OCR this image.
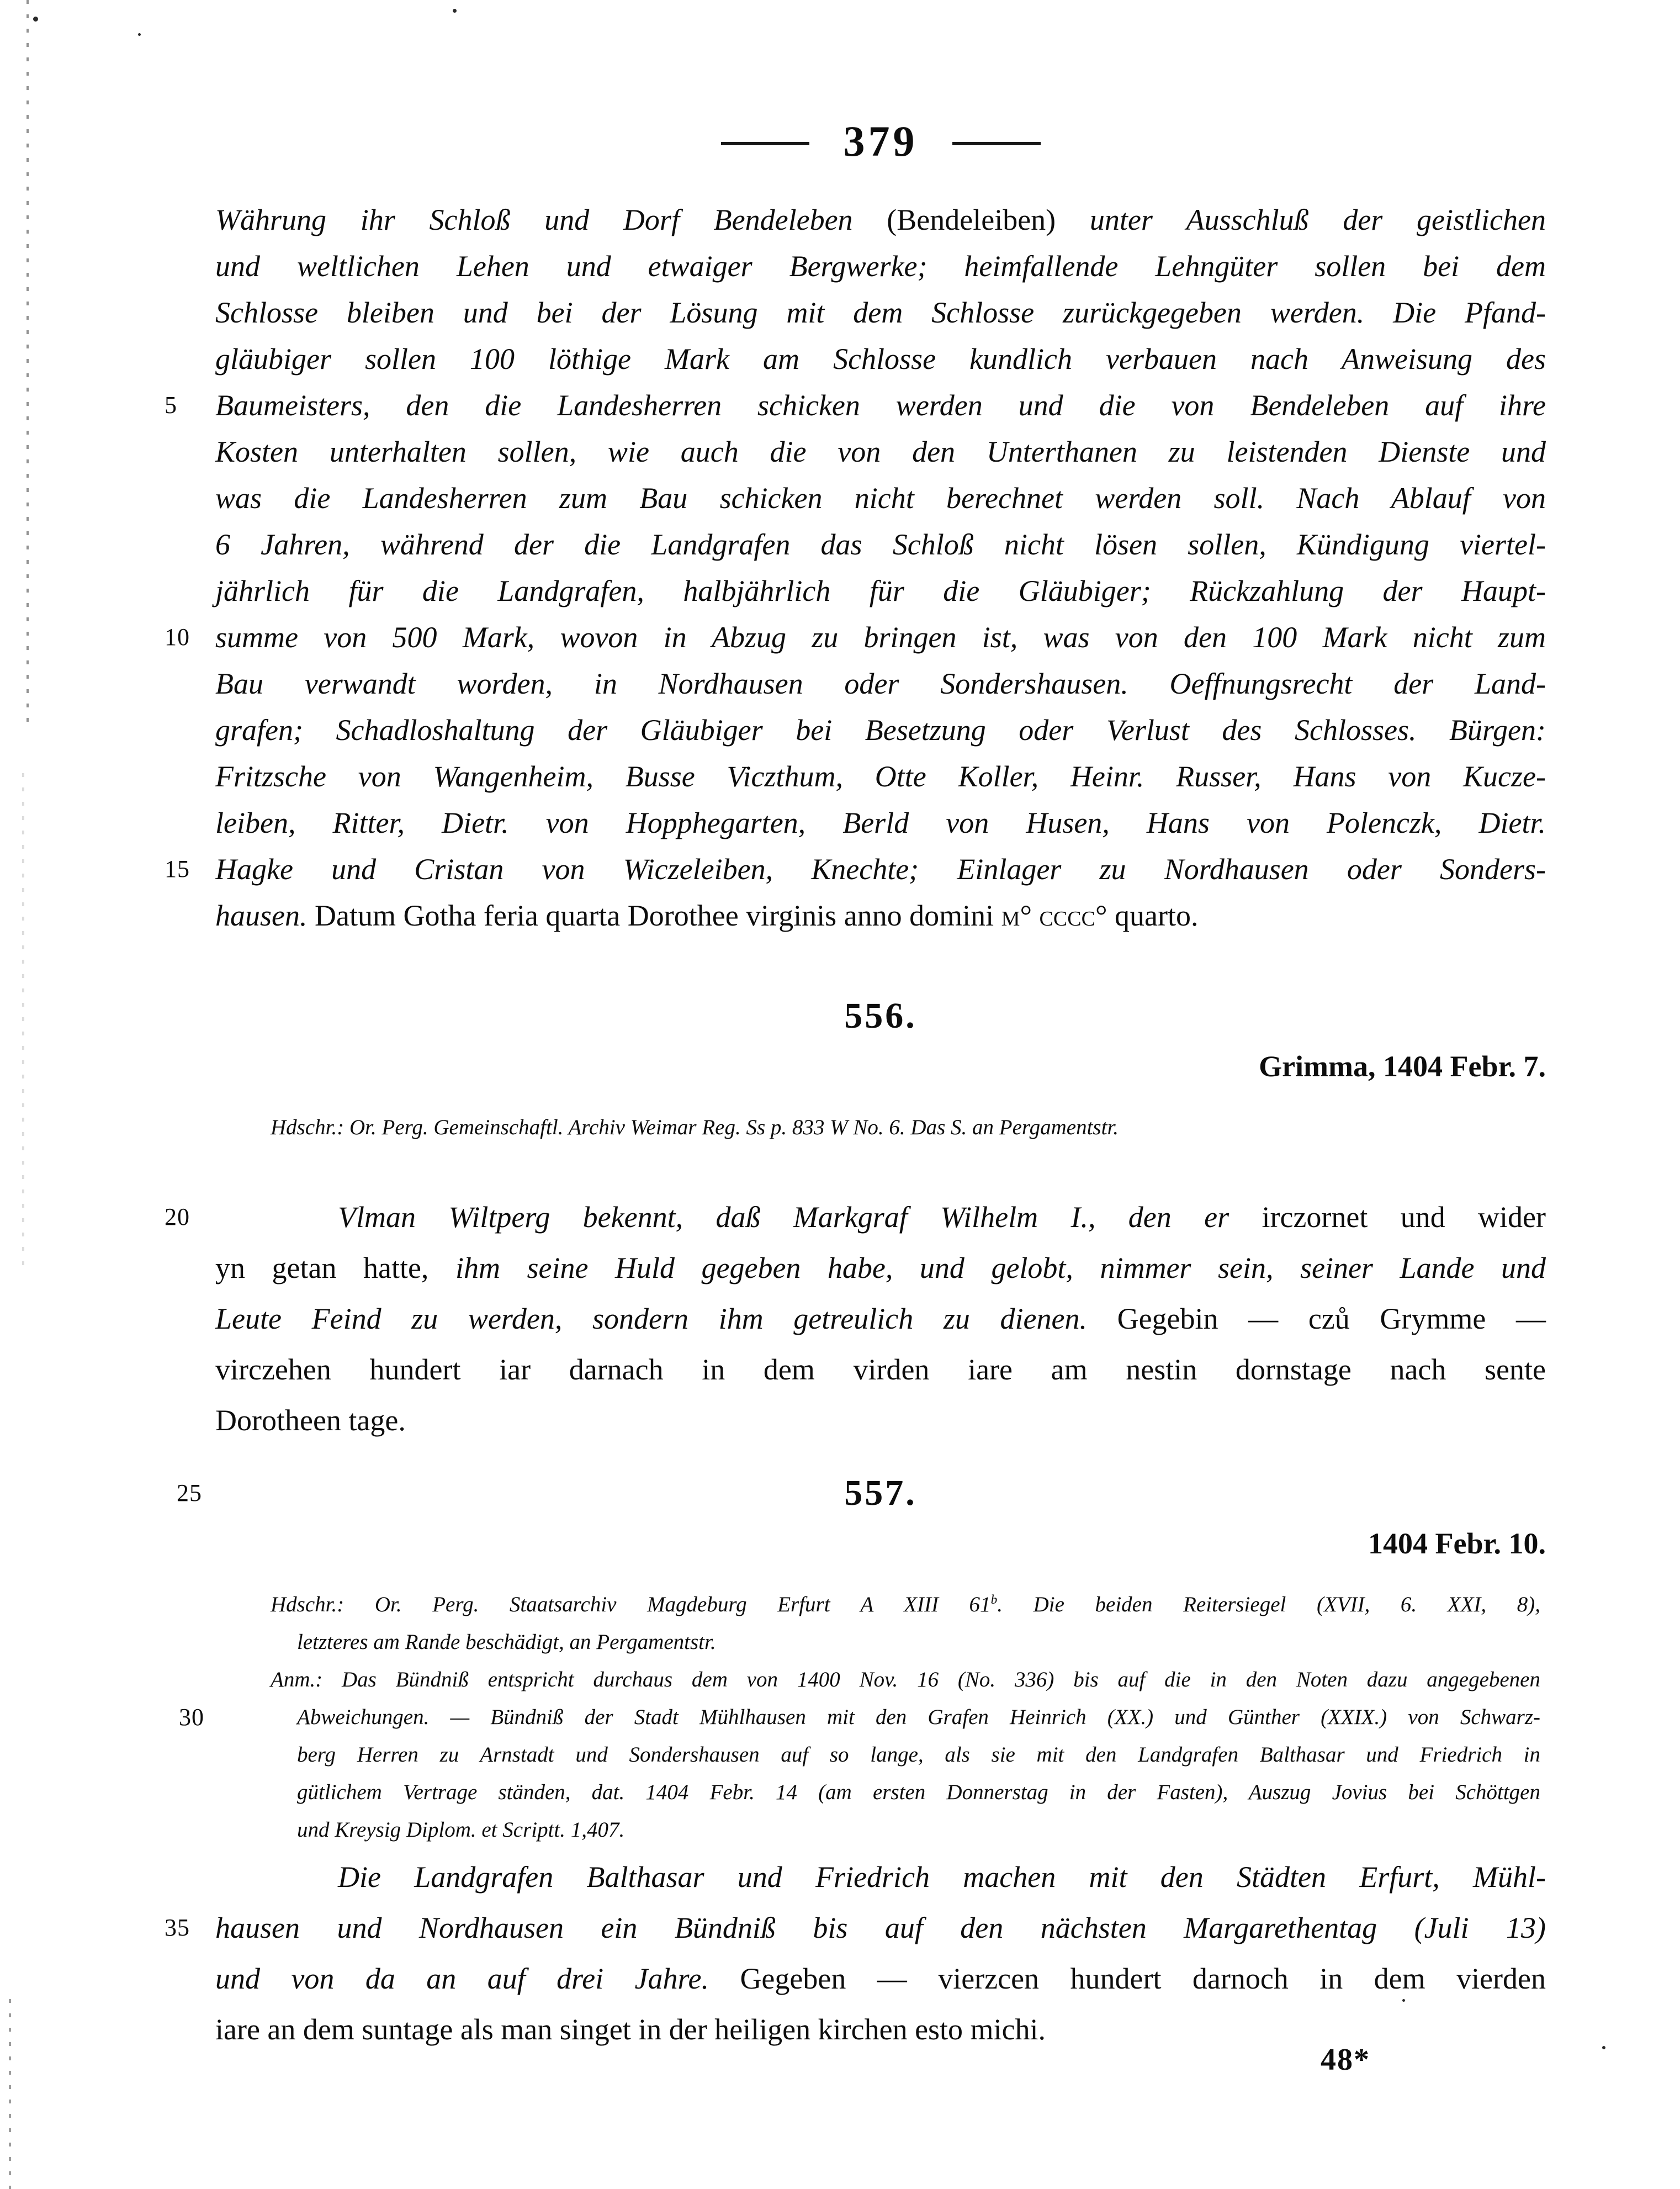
379
Währung ihr Schloß und Dorf Bendeleben (Bendeleiben) unter Ausschluß der geistlichen
und weltlichen Lehen und etwaiger Bergwerke; heimfallende Lehngüter sollen bei dem
Schlosse bleiben und bei der Lösung mit dem Schlosse zurückgegeben werden. Die Pfand-
gläubiger sollen 100 löthige Mark am Schlosse kundlich verbauen nach Anweisung des
5	Baumeisters, den die Landesherren schicken werden und die von Bendeleben auf ihre
Kosten unterhalten sollen, wie auch die von den Unterthanen zu leistenden Dienste und
was die Landesherren zum Bau schicken nicht berechnet werden soll. Nach Ablauf von
6 Jahren, während der die Landgrafen das Schloß nicht lösen sollen, Kündigung viertel-
jährlich für die Landgrafen, halbjährlich für die Gläubiger; Rückzahlung der Haupt-
10 summe von 500 Mark, wovon in Abzug zu bringen ist, was von den 100 Mark nicht zum
Bau verwandt worden, in Nordhausen oder Sondershausen. Oeffnungsrecht der Land-
grafen; Schadloshaltung der Gläubiger bei Besetzung oder Verlust des Schlosses. Bürgen:
Fritzsche von Wangenheim, Busse Viczthum, Otte Koller, Heinr. Russer, Hans von Kucze-
leiben, Ritter, Dietr. von Hopphegarten, Berld von Husen, Hans von Polenczk, Dietr.
15 Hagke und Cristan von Wiczeleiben, Knechte; Einlager zu Nordhausen oder Sonders-
hausen. Datum Gotha feria quarta Dorothee virginis anno domini m° cccc° quarto.
556.
Grimma, 1404 Febr. 7.
Hdschr.: Or. Perg. Gemeinschaftl. Archiv Weimar Reg. Ss p. 833 W No. 6. Das S. an Pergamentstr.
20	Vlman Wiltperg bekennt, daß Markgraf Wilhelm I., den er irczornet und wider
yn getan hatte, ihm seine Huld gegeben habe, und gelobt, nimmer sein, seiner Lande und
Leute Feind zu werden, sondern ihm getreulich zu dienen. Gegebin — czů Grymme —
virczehen hundert iar darnach in dem virden iare am nestin dornstage nach sente
Dorotheen tage.
25	557.
1404 Febr. 10.
Hdschr.: Or. Perg. Staatsarchiv Magdeburg Erfurt A XIII 61$^b$. Die beiden Reitersiegel (XVII, 6. XXI, 8),
letzteres am Rande beschädigt, an Pergamentstr.
Anm.: Das Bündniß entspricht durchaus dem von 1400 Nov. 16 (No. 336) bis auf die in den Noten dazu angegebenen
30	Abweichungen. — Bündniß der Stadt Mühlhausen mit den Grafen Heinrich (XX.) und Günther (XXIX.) von Schwarz-
berg Herren zu Arnstadt und Sondershausen auf so lange, als sie mit den Landgrafen Balthasar und Friedrich in
gütlichem Vertrage ständen, dat. 1404 Febr. 14 (am ersten Donnerstag in der Fasten), Auszug Jovius bei Schöttgen
und Kreysig Diplom. et Scriptt. 1,407.
Die Landgrafen Balthasar und Friedrich machen mit den Städten Erfurt, Mühl-
35 hausen und Nordhausen ein Bündniß bis auf den nächsten Margarethentag (Juli 13)
und von da an auf drei Jahre. Gegeben — vierzcen hundert darnoch in dem vierden
iare an dem suntage als man singet in der heiligen kirchen esto michi.
48*
